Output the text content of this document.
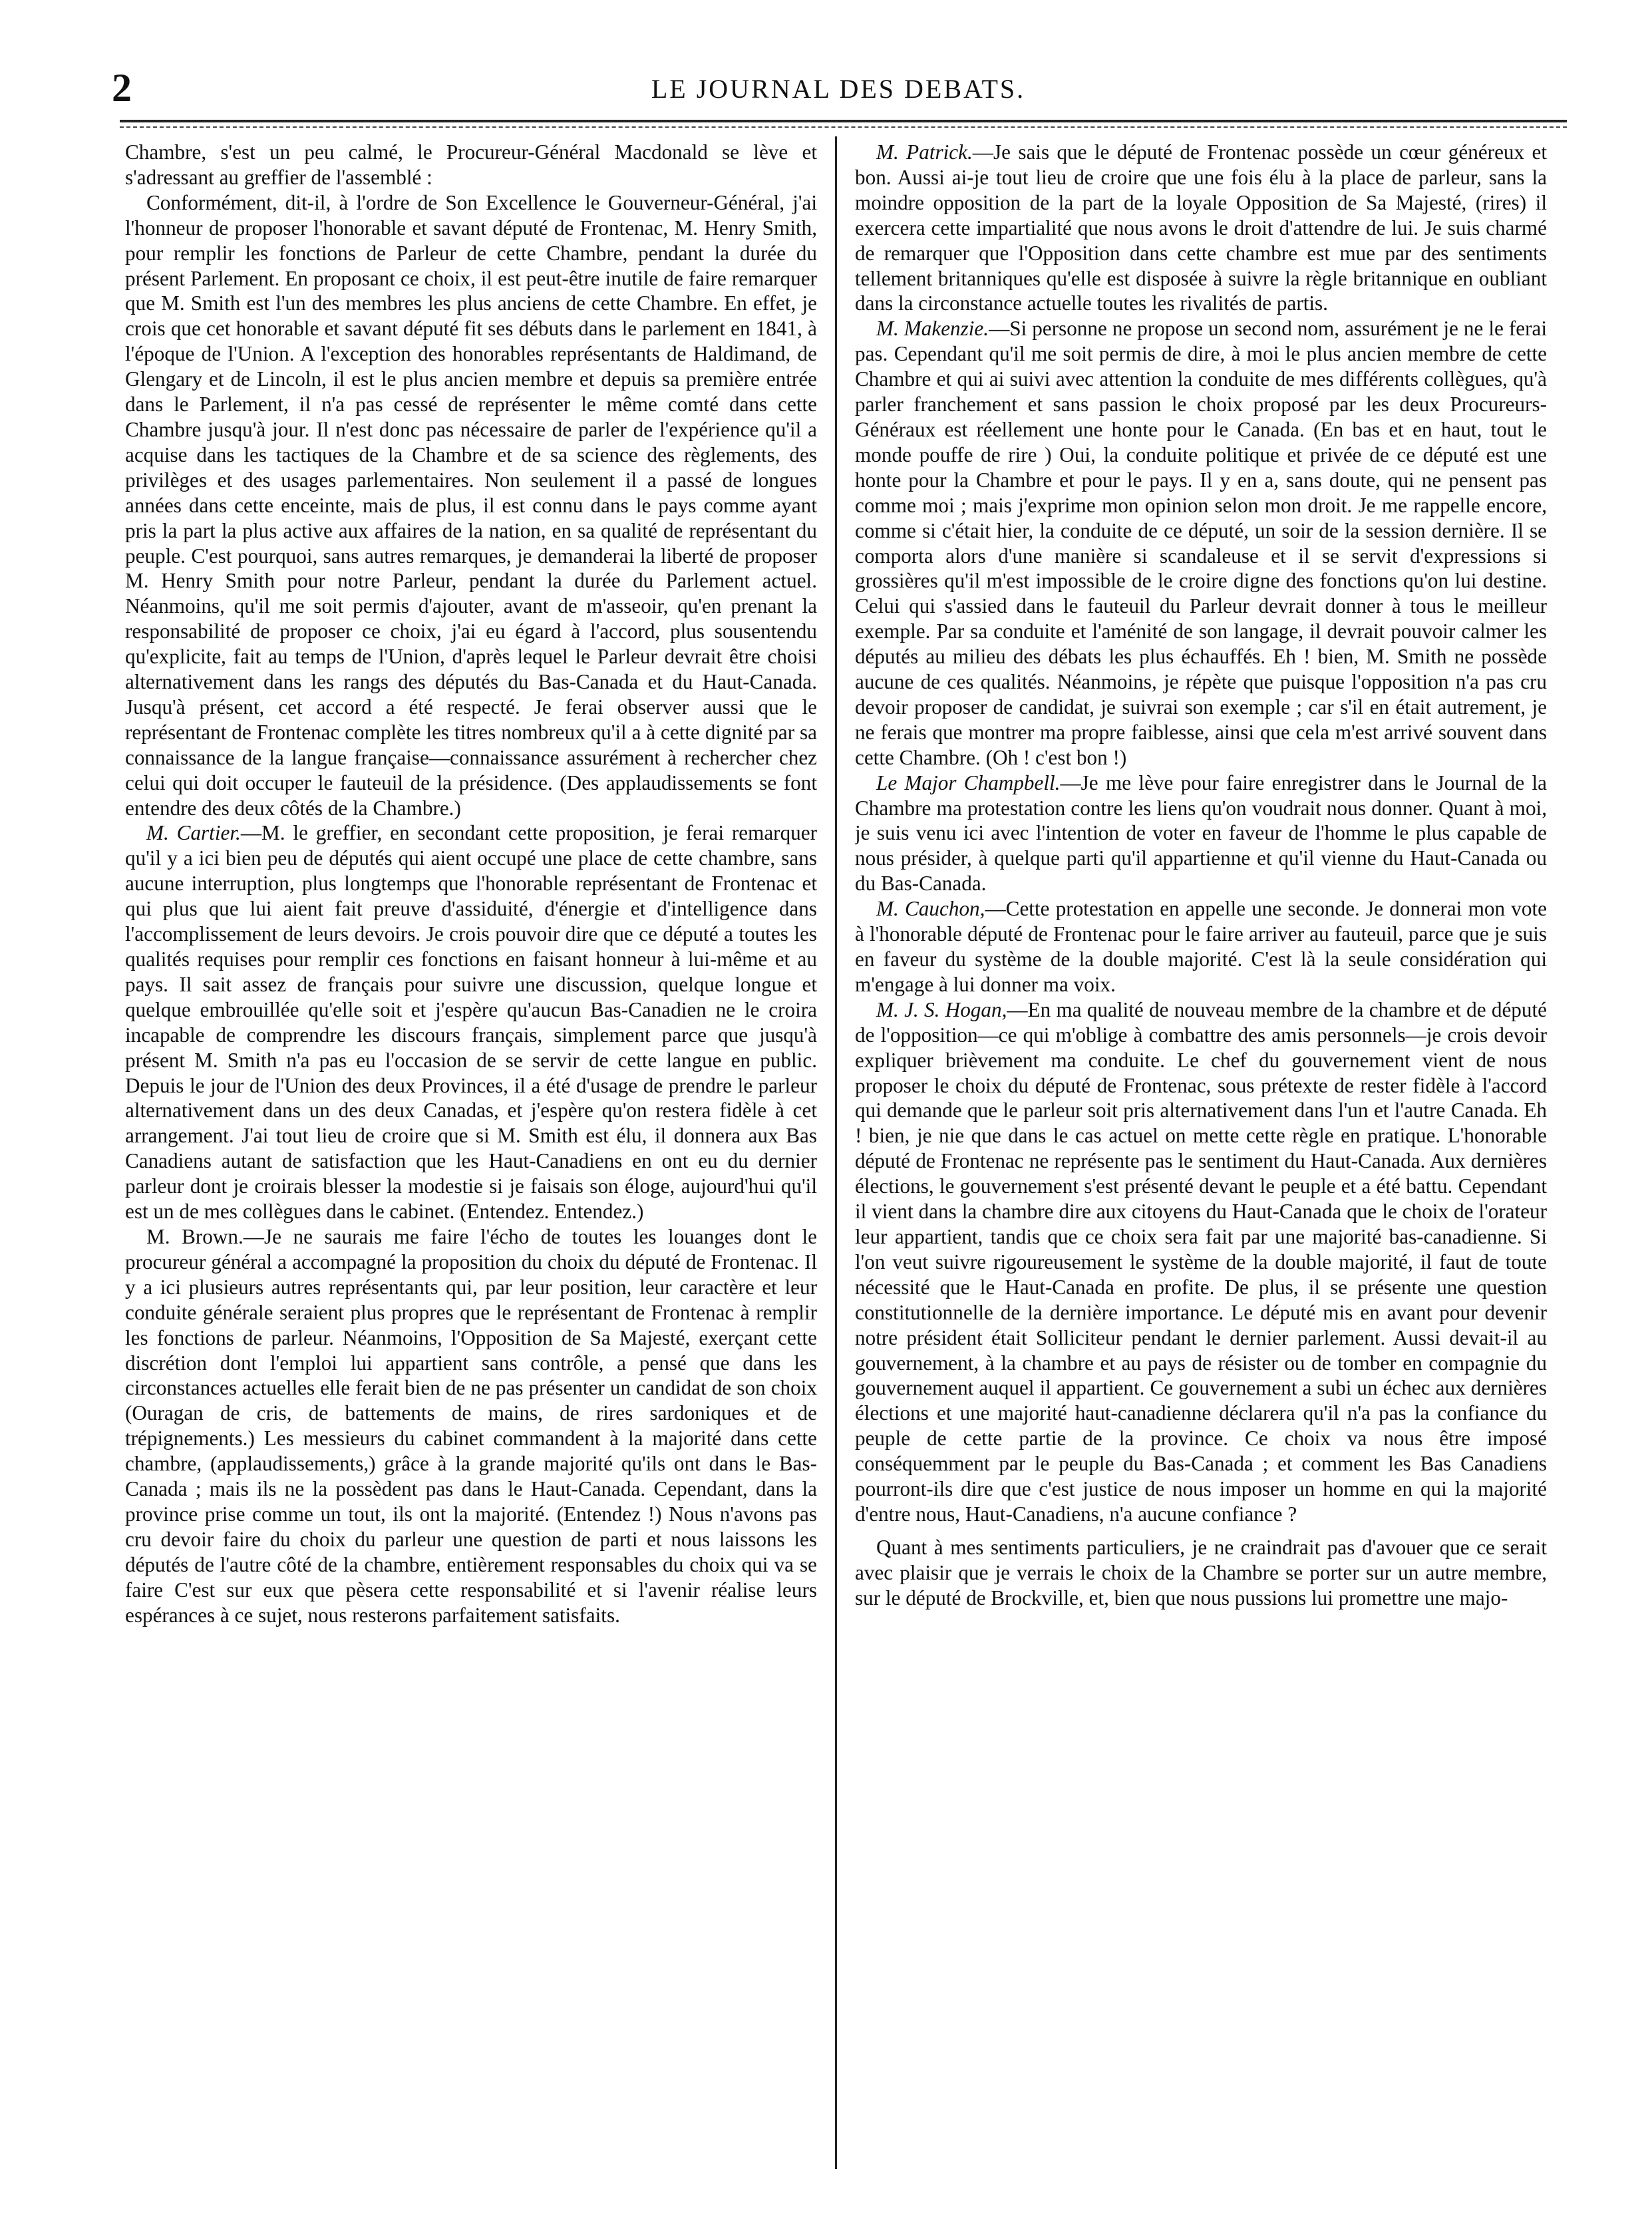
2	LE JOURNAL DES DEBATS.

Chambre, s'est un peu calmé, le Procureur-Général Macdonald se lève et s'adressant au greffier de l'assemblé :

Conformément, dit-il, à l'ordre de Son Excellence le Gouverneur-Général, j'ai l'honneur de proposer l'honorable et savant député de Frontenac, M. Henry Smith, pour remplir les fonctions de Parleur de cette Chambre, pendant la durée du présent Parlement. En proposant ce choix, il est peut-être inutile de faire remarquer que M. Smith est l'un des membres les plus anciens de cette Chambre. En effet, je crois que cet honorable et savant député fit ses débuts dans le parlement en 1841, à l'époque de l'Union. A l'exception des honorables représentants de Haldimand, de Glengary et de Lincoln, il est le plus ancien membre et depuis sa première entrée dans le Parlement, il n'a pas cessé de représenter le même comté dans cette Chambre jusqu'à jour. Il n'est donc pas nécessaire de parler de l'expérience qu'il a acquise dans les tactiques de la Chambre et de sa science des règlements, des privilèges et des usages parlementaires. Non seulement il a passé de longues années dans cette enceinte, mais de plus, il est connu dans le pays comme ayant pris la part la plus active aux affaires de la nation, en sa qualité de représentant du peuple. C'est pourquoi, sans autres remarques, je demanderai la liberté de proposer M. Henry Smith pour notre Parleur, pendant la durée du Parlement actuel. Néanmoins, qu'il me soit permis d'ajouter, avant de m'asseoir, qu'en prenant la responsabilité de proposer ce choix, j'ai eu égard à l'accord, plus sousentendu qu'explicite, fait au temps de l'Union, d'après lequel le Parleur devrait être choisi alternativement dans les rangs des députés du Bas-Canada et du Haut-Canada. Jusqu'à présent, cet accord a été respecté. Je ferai observer aussi que le représentant de Frontenac complète les titres nombreux qu'il a à cette dignité par sa connaissance de la langue française—connaissance assurément à rechercher chez celui qui doit occuper le fauteuil de la présidence. (Des applaudissements se font entendre des deux côtés de la Chambre.)

M. Cartier.—M. le greffier, en secondant cette proposition, je ferai remarquer qu'il y a ici bien peu de députés qui aient occupé une place de cette chambre, sans aucune interruption, plus longtemps que l'honorable représentant de Frontenac et qui plus que lui aient fait preuve d'assiduité, d'énergie et d'intelligence dans l'accomplissement de leurs devoirs. Je crois pouvoir dire que ce député a toutes les qualités requises pour remplir ces fonctions en faisant honneur à lui-même et au pays. Il sait assez de français pour suivre une discussion, quelque longue et quelque embrouillée qu'elle soit et j'espère qu'aucun Bas-Canadien ne le croira incapable de comprendre les discours français, simplement parce que jusqu'à présent M. Smith n'a pas eu l'occasion de se servir de cette langue en public. Depuis le jour de l'Union des deux Provinces, il a été d'usage de prendre le parleur alternativement dans un des deux Canadas, et j'espère qu'on restera fidèle à cet arrangement. J'ai tout lieu de croire que si M. Smith est élu, il donnera aux Bas Canadiens autant de satisfaction que les Haut-Canadiens en ont eu du dernier parleur dont je croirais blesser la modestie si je faisais son éloge, aujourd'hui qu'il est un de mes collègues dans le cabinet. (Entendez. Entendez.)

M. Brown.—Je ne saurais me faire l'écho de toutes les louanges dont le procureur général a accompagné la proposition du choix du député de Frontenac. Il y a ici plusieurs autres représentants qui, par leur position, leur caractère et leur conduite générale seraient plus propres que le représentant de Frontenac à remplir les fonctions de parleur. Néanmoins, l'Opposition de Sa Majesté, exerçant cette discrétion dont l'emploi lui appartient sans contrôle, a pensé que dans les circonstances actuelles elle ferait bien de ne pas présenter un candidat de son choix (Ouragan de cris, de battements de mains, de rires sardoniques et de trépignements.) Les messieurs du cabinet commandent à la majorité dans cette chambre, (applaudissements,) grâce à la grande majorité qu'ils ont dans le Bas-Canada ; mais ils ne la possèdent pas dans le Haut-Canada. Cependant, dans la province prise comme un tout, ils ont la majorité. (Entendez !) Nous n'avons pas cru devoir faire du choix du parleur une question de parti et nous laissons les députés de l'autre côté de la chambre, entièrement responsables du choix qui va se faire C'est sur eux que pèsera cette responsabilité et si l'avenir réalise leurs espérances à ce sujet, nous resterons parfaitement satisfaits.

M. Patrick.—Je sais que le député de Frontenac possède un cœur généreux et bon. Aussi ai-je tout lieu de croire que une fois élu à la place de parleur, sans la moindre opposition de la part de la loyale Opposition de Sa Majesté, (rires) il exercera cette impartialité que nous avons le droit d'attendre de lui. Je suis charmé de remarquer que l'Opposition dans cette chambre est mue par des sentiments tellement britanniques qu'elle est disposée à suivre la règle britannique en oubliant dans la circonstance actuelle toutes les rivalités de partis.

M. Makenzie.—Si personne ne propose un second nom, assurément je ne le ferai pas. Cependant qu'il me soit permis de dire, à moi le plus ancien membre de cette Chambre et qui ai suivi avec attention la conduite de mes différents collègues, qu'à parler franchement et sans passion le choix proposé par les deux Procureurs-Généraux est réellement une honte pour le Canada. (En bas et en haut, tout le monde pouffe de rire ) Oui, la conduite politique et privée de ce député est une honte pour la Chambre et pour le pays. Il y en a, sans doute, qui ne pensent pas comme moi ; mais j'exprime mon opinion selon mon droit. Je me rappelle encore, comme si c'était hier, la conduite de ce député, un soir de la session dernière. Il se comporta alors d'une manière si scandaleuse et il se servit d'expressions si grossières qu'il m'est impossible de le croire digne des fonctions qu'on lui destine. Celui qui s'assied dans le fauteuil du Parleur devrait donner à tous le meilleur exemple. Par sa conduite et l'aménité de son langage, il devrait pouvoir calmer les députés au milieu des débats les plus échauffés. Eh ! bien, M. Smith ne possède aucune de ces qualités. Néanmoins, je répète que puisque l'opposition n'a pas cru devoir proposer de candidat, je suivrai son exemple ; car s'il en était autrement, je ne ferais que montrer ma propre faiblesse, ainsi que cela m'est arrivé souvent dans cette Chambre. (Oh ! c'est bon !)

Le Major Champbell.—Je me lève pour faire enregistrer dans le Journal de la Chambre ma protestation contre les liens qu'on voudrait nous donner. Quant à moi, je suis venu ici avec l'intention de voter en faveur de l'homme le plus capable de nous présider, à quelque parti qu'il appartienne et qu'il vienne du Haut-Canada ou du Bas-Canada.

M. Cauchon,—Cette protestation en appelle une seconde. Je donnerai mon vote à l'honorable député de Frontenac pour le faire arriver au fauteuil, parce que je suis en faveur du système de la double majorité. C'est là la seule considération qui m'engage à lui donner ma voix.

M. J. S. Hogan,—En ma qualité de nouveau membre de la chambre et de député de l'opposition—ce qui m'oblige à combattre des amis personnels—je crois devoir expliquer brièvement ma conduite. Le chef du gouvernement vient de nous proposer le choix du député de Frontenac, sous prétexte de rester fidèle à l'accord qui demande que le parleur soit pris alternativement dans l'un et l'autre Canada. Eh ! bien, je nie que dans le cas actuel on mette cette règle en pratique. L'honorable député de Frontenac ne représente pas le sentiment du Haut-Canada. Aux dernières élections, le gouvernement s'est présenté devant le peuple et a été battu. Cependant il vient dans la chambre dire aux citoyens du Haut-Canada que le choix de l'orateur leur appartient, tandis que ce choix sera fait par une majorité bas-canadienne. Si l'on veut suivre rigoureusement le système de la double majorité, il faut de toute nécessité que le Haut-Canada en profite. De plus, il se présente une question constitutionnelle de la dernière importance. Le député mis en avant pour devenir notre président était Solliciteur pendant le dernier parlement. Aussi devait-il au gouvernement, à la chambre et au pays de résister ou de tomber en compagnie du gouvernement auquel il appartient. Ce gouvernement a subi un échec aux dernières élections et une majorité haut-canadienne déclarera qu'il n'a pas la confiance du peuple de cette partie de la province. Ce choix va nous être imposé conséquemment par le peuple du Bas-Canada ; et comment les Bas Canadiens pourront-ils dire que c'est justice de nous imposer un homme en qui la majorité d'entre nous, Haut-Canadiens, n'a aucune confiance ?

Quant à mes sentiments particuliers, je ne craindrait pas d'avouer que ce serait avec plaisir que je verrais le choix de la Chambre se porter sur un autre membre, sur le député de Brockville, et, bien que nous pussions lui promettre une majo-
